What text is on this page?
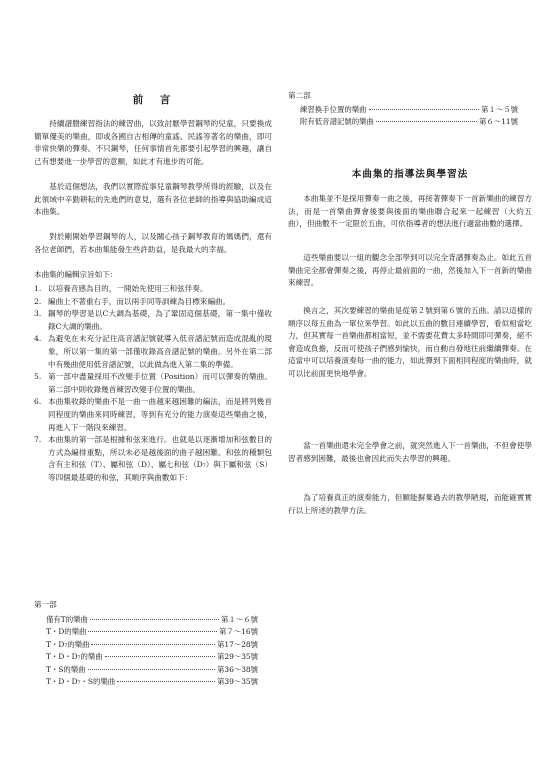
前　言

持續譜謄練習指法的練習曲，以致討厭學習鋼琴的兒童，只要換成簡單優美的樂曲，即或各國自古相傳的童謠、民謠等著名的樂曲，即可非常快樂的彈奏。不只鋼琴，任何事情首先都要引起學習的興趣，讓自己有想要進一步學習的意願，如此才有進步的可能。

基於這個想法，我們以實際從事兒童鋼琴教學所得的經驗，以及在此領域中辛勤耕耘的先進們的意見，選有各位老師的指導與協助編成這本曲集。

對於剛開始學習鋼琴的人，以及關心孩子鋼琴教育的媽媽們，還有各位老師們，若本曲集能發生些許助益，是我最大的幸福。

本曲集的編輯宗旨如下：
1. 以培養音感為目的，一開始先使用三和弦伴奏。
2. 編曲上不著重右手，而以兩手同等訓練為目標來編曲。
3. 鋼琴的學習是以C大調為基礎，為了鞏固這個基礎，第一集中僅收錄C大調的樂曲。
4. 為避免在未充分記住高音譜記號就導入低音譜記號而造成混亂的現象，所以第一集的第一部僅收錄高音譜記號的樂曲。另外在第二部中有幾曲使用低音譜記號，以此做為進入第二集的準備。
5. 第一部中盡量採用不改變手位置（Position）而可以彈奏的樂曲。第二部中則收錄幾首練習改變手位置的樂曲。
6. 本曲集收錄的樂曲不是一曲一曲越來越困難的編法，而是將列幾首同程度的樂曲來同時練習，等到有充分的能力演奏這些樂曲之後，再進入下一階段來練習。
7. 本曲集的第一部是根據和弦來進行。也就是以逐漸增加和弦數目的方式為編排重點，所以未必是越後面的曲子越困難。和弦的種類包含有主和弦（T）、屬和弦（D）、屬七和弦（D₇）與下屬和弦（S）等四個最基礎的和弦，其順序與曲數如下：
第一部
僅有T的樂曲	第１～６號
T・D的樂曲	第７～16號
T・D₇的樂曲	第17～28號
T・D・D₇的樂曲	第29～35號
T・S的樂曲	第36～38號
T・D・D₇・S的樂曲	第39～35號
第二部
練習換手位置的樂曲	第１～５號
附有低音譜記號的樂曲	第６～11號
本曲集的指導法與學習法

本曲集並不是採用彈奏一曲之後，再接著彈奏下一首新樂曲的練習方法，而是一首樂曲彈會後要與後面的樂曲聯合起來一起練習（大約五曲），但曲數不一定限於五曲，可依指導者的想法進行適當曲數的選擇。

這些樂曲要以一組的觀念全部學到可以完全背譜彈奏為止。如此五首樂曲完全都會彈奏之後，再停止最前面的一曲，然後加入下一首新的樂曲來練習。

換言之，其次要練習的樂曲是從第２號到第６號的五曲。請以這樣的順序以每五曲為一單位來學習。如此以五曲的數目連續學習，看似相當吃力，但其實每一首樂曲都相當短，並不需要花費太多時間即可彈奏，絕不會造成負擔，反而可使孩子們感到愉快，而自動自發地往前繼續彈奏。在這當中可以培養演奏每一曲的能力，如此彈到下面相同程度的樂曲時，就可以比前面更快地學會。

當一首樂曲還未完全學會之前，就突然進入下一首樂曲，不但會使學習者感到困難，最後也會因此而失去學習的興趣。

為了培養真正的演奏能力，但願能摒棄過去的教學陋規，而能確實實行以上所述的教學方法。
